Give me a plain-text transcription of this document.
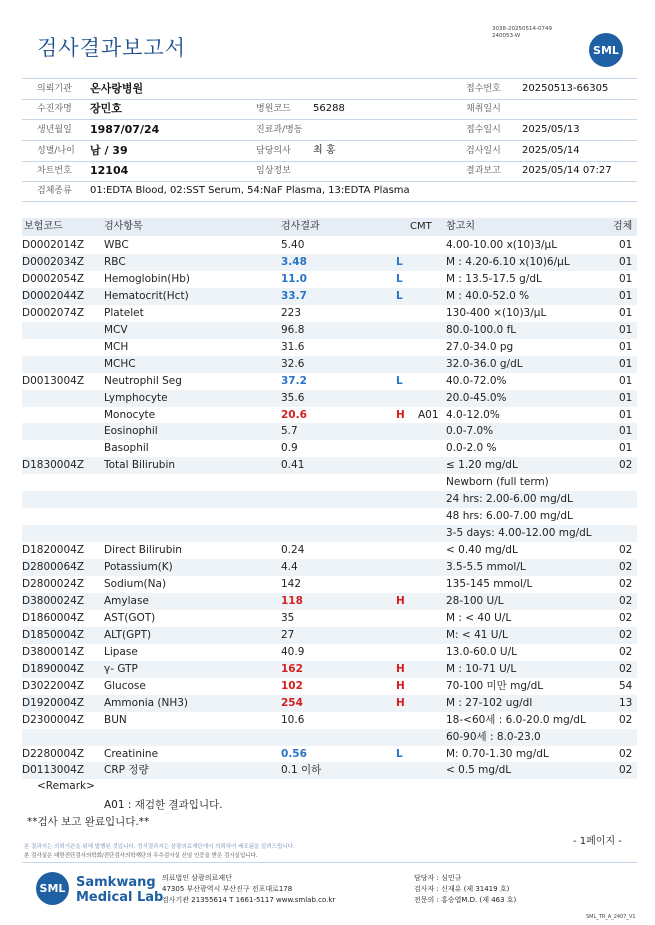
검사결과보고서
3038-20250514-0749
240053-W
SML
의뢰기관 온사랑병원	접수번호 20250513-66305
수진자명 장민호	병원코드 56288	채취일시
생년월일 1987/07/24	진료과/병동	접수일시 2025/05/13
성별/나이 남 / 39	담당의사 최 홍	검사일시 2025/05/14
차트번호 12104	임상정보	결과보고 2025/05/14 07:27
검체종류 01:EDTA Blood, 02:SST Serum, 54:NaF Plasma, 13:EDTA Plasma
보험코드	검사항목	검사결과	CMT 참고치	검체
D0002014Z WBC	5.40	4.00-10.00 x(10)3/μL	01
D0002034Z RBC	3.48	L	M : 4.20-6.10 x(10)6/μL	01
D0002054Z Hemoglobin(Hb)	11.0	L	M : 13.5-17.5 g/dL	01
D0002044Z Hematocrit(Hct)	33.7	L	M : 40.0-52.0 %	01
D0002074Z Platelet	223	130-400 ×(10)3/μL	01
MCV	96.8	80.0-100.0 fL	01
MCH	31.6	27.0-34.0 pg	01
MCHC	32.6	32.0-36.0 g/dL	01
D0013004Z Neutrophil Seg	37.2	L	40.0-72.0%	01
Lymphocyte	35.6	20.0-45.0%	01
Monocyte	20.6	H A01 4.0-12.0%	01
Eosinophil	5.7	0.0-7.0%	01
Basophil	0.9	0.0-2.0 %	01
D1830004Z Total Bilirubin	0.41	≤ 1.20 mg/dL	02
Newborn (full term)
24 hrs: 2.00-6.00 mg/dL
48 hrs: 6.00-7.00 mg/dL
3-5 days: 4.00-12.00 mg/dL
D1820004Z Direct Bilirubin	0.24	< 0.40 mg/dL	02
D2800064Z Potassium(K)	4.4	3.5-5.5 mmol/L	02
D2800024Z Sodium(Na)	142	135-145 mmol/L	02
D3800024Z Amylase	118	H	28-100 U/L	02
D1860004Z AST(GOT)	35	M : < 40 U/L	02
D1850004Z ALT(GPT)	27	M: < 41 U/L	02
D3800014Z Lipase	40.9	13.0-60.0 U/L	02
D1890004Z γ- GTP	162	H	M : 10-71 U/L	02
D3022004Z Glucose	102	H	70-100 미만 mg/dL	54
D1920004Z Ammonia (NH3)	254	H	M : 27-102 ug/dl	13
D2300004Z BUN	10.6	18-<60세 : 6.0-20.0 mg/dL	02
60-90세 : 8.0-23.0
D2280004Z Creatinine	0.56	L	M: 0.70-1.30 mg/dL	02
D0113004Z CRP 정량	0.1 이하	< 0.5 mg/dL	02
<Remark>
A01 : 재검한 결과입니다.
**검사 보고 완료입니다.**
- 1페이지 -
본 결과지는 의뢰기관을 위해 발행된 것입니다. 정식결과지는 삼광의료재단에서 의뢰하여 배포됨을 알려드립니다.
본 검사실은 대한진단검사의학회/진단검사의학재단의 우수검사실 신임 인증을 받은 검사실입니다.
SML Samkwang
Medical Lab
의료법인 삼광의료재단
47305 부산광역시 부산진구 전포대로178
검사기관 21355614 T 1661-5117 www.smlab.co.kr
담당자 : 심민규
검사자 : 신재유 (제 31419 호)
전문의 : 홍승엽M.D. (제 463 호)
SML_TR_A_2407_V1
